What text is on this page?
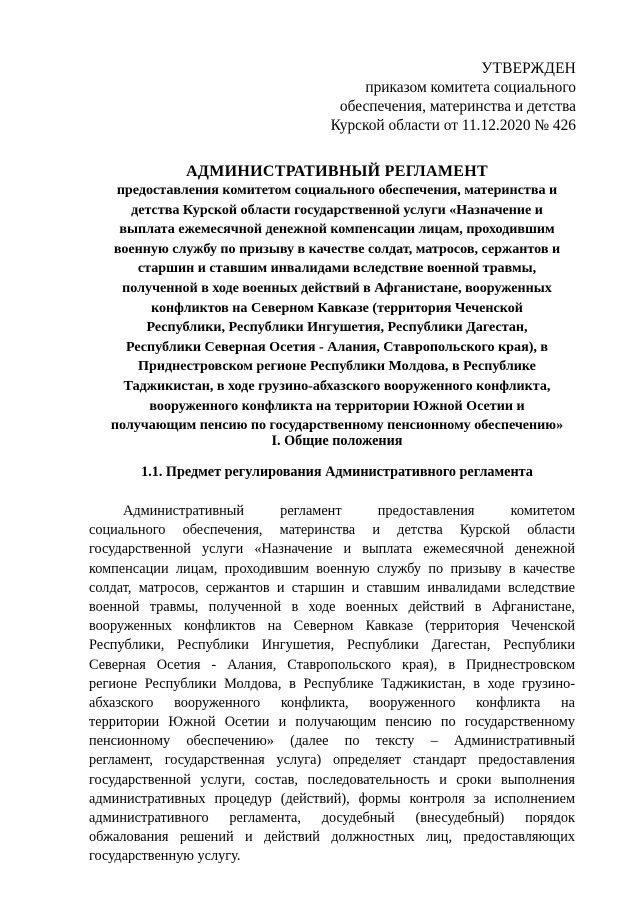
УТВЕРЖДЕН
приказом комитета социального
обеспечения, материнства и детства
Курской области от 11.12.2020 № 426
АДМИНИСТРАТИВНЫЙ РЕГЛАМЕНТ
предоставления комитетом социального обеспечения, материнства и
детства Курской области государственной услуги «Назначение и
выплата ежемесячной денежной компенсации лицам, проходившим
военную службу по призыву в качестве солдат, матросов, сержантов и
старшин и ставшим инвалидами вследствие военной травмы,
полученной в ходе военных действий в Афганистане, вооруженных
конфликтов на Северном Кавказе (территория Чеченской
Республики, Республики Ингушетия, Республики Дагестан,
Республики Северная Осетия - Алания, Ставропольского края), в
Приднестровском регионе Республики Молдова, в Республике
Таджикистан, в ходе грузино-абхазского вооруженного конфликта,
вооруженного конфликта на территории Южной Осетии и
получающим пенсию по государственному пенсионному обеспечению»
I. Общие положения
1.1. Предмет регулирования Административного регламента
Административный регламент предоставления комитетом
социального обеспечения, материнства и детства Курской области
государственной услуги «Назначение и выплата ежемесячной денежной
компенсации лицам, проходившим военную службу по призыву в качестве
солдат, матросов, сержантов и старшин и ставшим инвалидами вследствие
военной травмы, полученной в ходе военных действий в Афганистане,
вооруженных конфликтов на Северном Кавказе (территория Чеченской
Республики, Республики Ингушетия, Республики Дагестан, Республики
Северная Осетия - Алания, Ставропольского края), в Приднестровском
регионе Республики Молдова, в Республике Таджикистан, в ходе грузино-
абхазского вооруженного конфликта, вооруженного конфликта на
территории Южной Осетии и получающим пенсию по государственному
пенсионному обеспечению» (далее по тексту – Административный
регламент, государственная услуга) определяет стандарт предоставления
государственной услуги, состав, последовательность и сроки выполнения
административных процедур (действий), формы контроля за исполнением
административного регламента, досудебный (внесудебный) порядок
обжалования решений и действий должностных лиц, предоставляющих
государственную услугу.
